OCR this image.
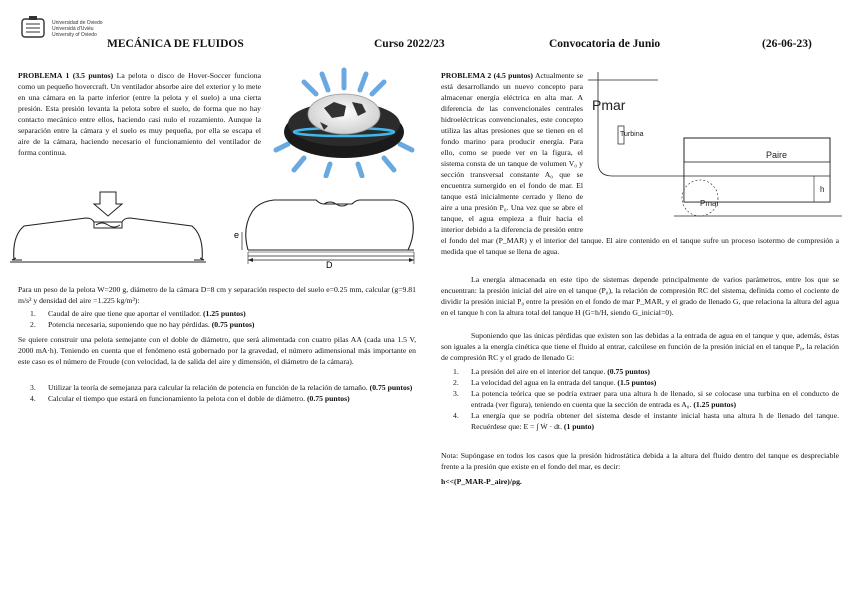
Universidad de Oviedo
Universidá d'Uviéu
University of Oviedo
MECÁNICA DE FLUIDOS	Curso 2022/23	Convocatoria de Junio	(26-06-23)
PROBLEMA 1 (3.5 puntos) La pelota o disco de Hover-Soccer funciona como un pequeño hovercraft. Un ventilador absorbe aire del exterior y lo mete en una cámara en la parte inferior (entre la pelota y el suelo) a una cierta presión. Esta presión levanta la pelota sobre el suelo, de forma que no hay contacto mecánico entre ellos, haciendo casi nulo el rozamiento. Aunque la separación entre la cámara y el suelo es muy pequeña, por ella se escapa el aire de la cámara, haciendo necesario el funcionamiento del ventilador de forma continua.
D
e
Para un peso de la pelota W=200 g, diámetro de la cámara D=8 cm y separación respecto del suelo e=0.25 mm, calcular (g=9.81 m/s² y densidad del aire =1.225 kg/m³):
1. Caudal de aire que tiene que aportar el ventilador. (1.25 puntos)
2. Potencia necesaria, suponiendo que no hay pérdidas. (0.75 puntos)
Se quiere construir una pelota semejante con el doble de diámetro, que será alimentada con cuatro pilas AA (cada una 1.5 V, 2000 mA·h). Teniendo en cuenta que el fenómeno está gobernado por la gravedad, el número adimensional más importante en este caso es el número de Froude (con velocidad, la de salida del aire y dimensión, el diámetro de la cámara).
3. Utilizar la teoría de semejanza para calcular la relación de potencia en función de la relación de tamaño. (0.75 puntos)
4. Calcular el tiempo que estará en funcionamiento la pelota con el doble de diámetro. (0.75 puntos)
PROBLEMA 2 (4.5 puntos) Actualmente se está desarrollando un nuevo concepto para almacenar energía eléctrica en alta mar. A diferencia de las convencionales centrales hidroeléctricas convencionales, este concepto utiliza las altas presiones que se tienen en el fondo marino para producir energía. Para ello, como se puede ver en la figura, el sistema consta de un tanque de volumen V₀ y sección transversal constante A₀ que se encuentra sumergido en el fondo de mar. El tanque está inicialmente cerrado y lleno de aire a una presión P₀. Una vez que se abre el tanque, el agua empieza a fluir hacia el interior debido a la diferencia de presión entre el fondo del mar (P_MAR) y el interior del tanque. El aire contenido en el tanque sufre un proceso isotermo de compresión a medida que el tanque se llena de agua.
Pmar
Turbina
Paire
h
Pmar
La energía almacenada en este tipo de sistemas depende principalmente de varios parámetros, entre los que se encuentran: la presión inicial del aire en el tanque (P₀), la relación de compresión RC del sistema, definida como el cociente de dividir la presión inicial P₀ entre la presión en el fondo de mar P_MAR, y el grado de llenado G, que relaciona la altura del agua en el tanque h con la altura total del tanque H (G=h/H, siendo G_inicial=0).
Suponiendo que las únicas pérdidas que existen son las debidas a la entrada de agua en el tanque y que, además, éstas son iguales a la energía cinética que tiene el fluido al entrar, calcúlese en función de la presión inicial en el tanque P₀, la relación de compresión RC y el grado de llenado G:
1. La presión del aire en el interior del tanque. (0.75 puntos)
2. La velocidad del agua en la entrada del tanque. (1.5 puntos)
3. La potencia teórica que se podría extraer para una altura h de llenado, si se colocase una turbina en el conducto de entrada (ver figura), teniendo en cuenta que la sección de entrada es A₀. (1.25 puntos)
4. La energía que se podría obtener del sistema desde el instante inicial hasta una altura h de llenado del tanque. Recuérdese que: E = ∫ Ẇ · dt. (1 punto)
Nota: Supóngase en todos los casos que la presión hidrostática debida a la altura del fluido dentro del tanque es despreciable frente a la presión que existe en el fondo del mar, es decir:
h<<(P_MAR-P_aire)/ρg.
